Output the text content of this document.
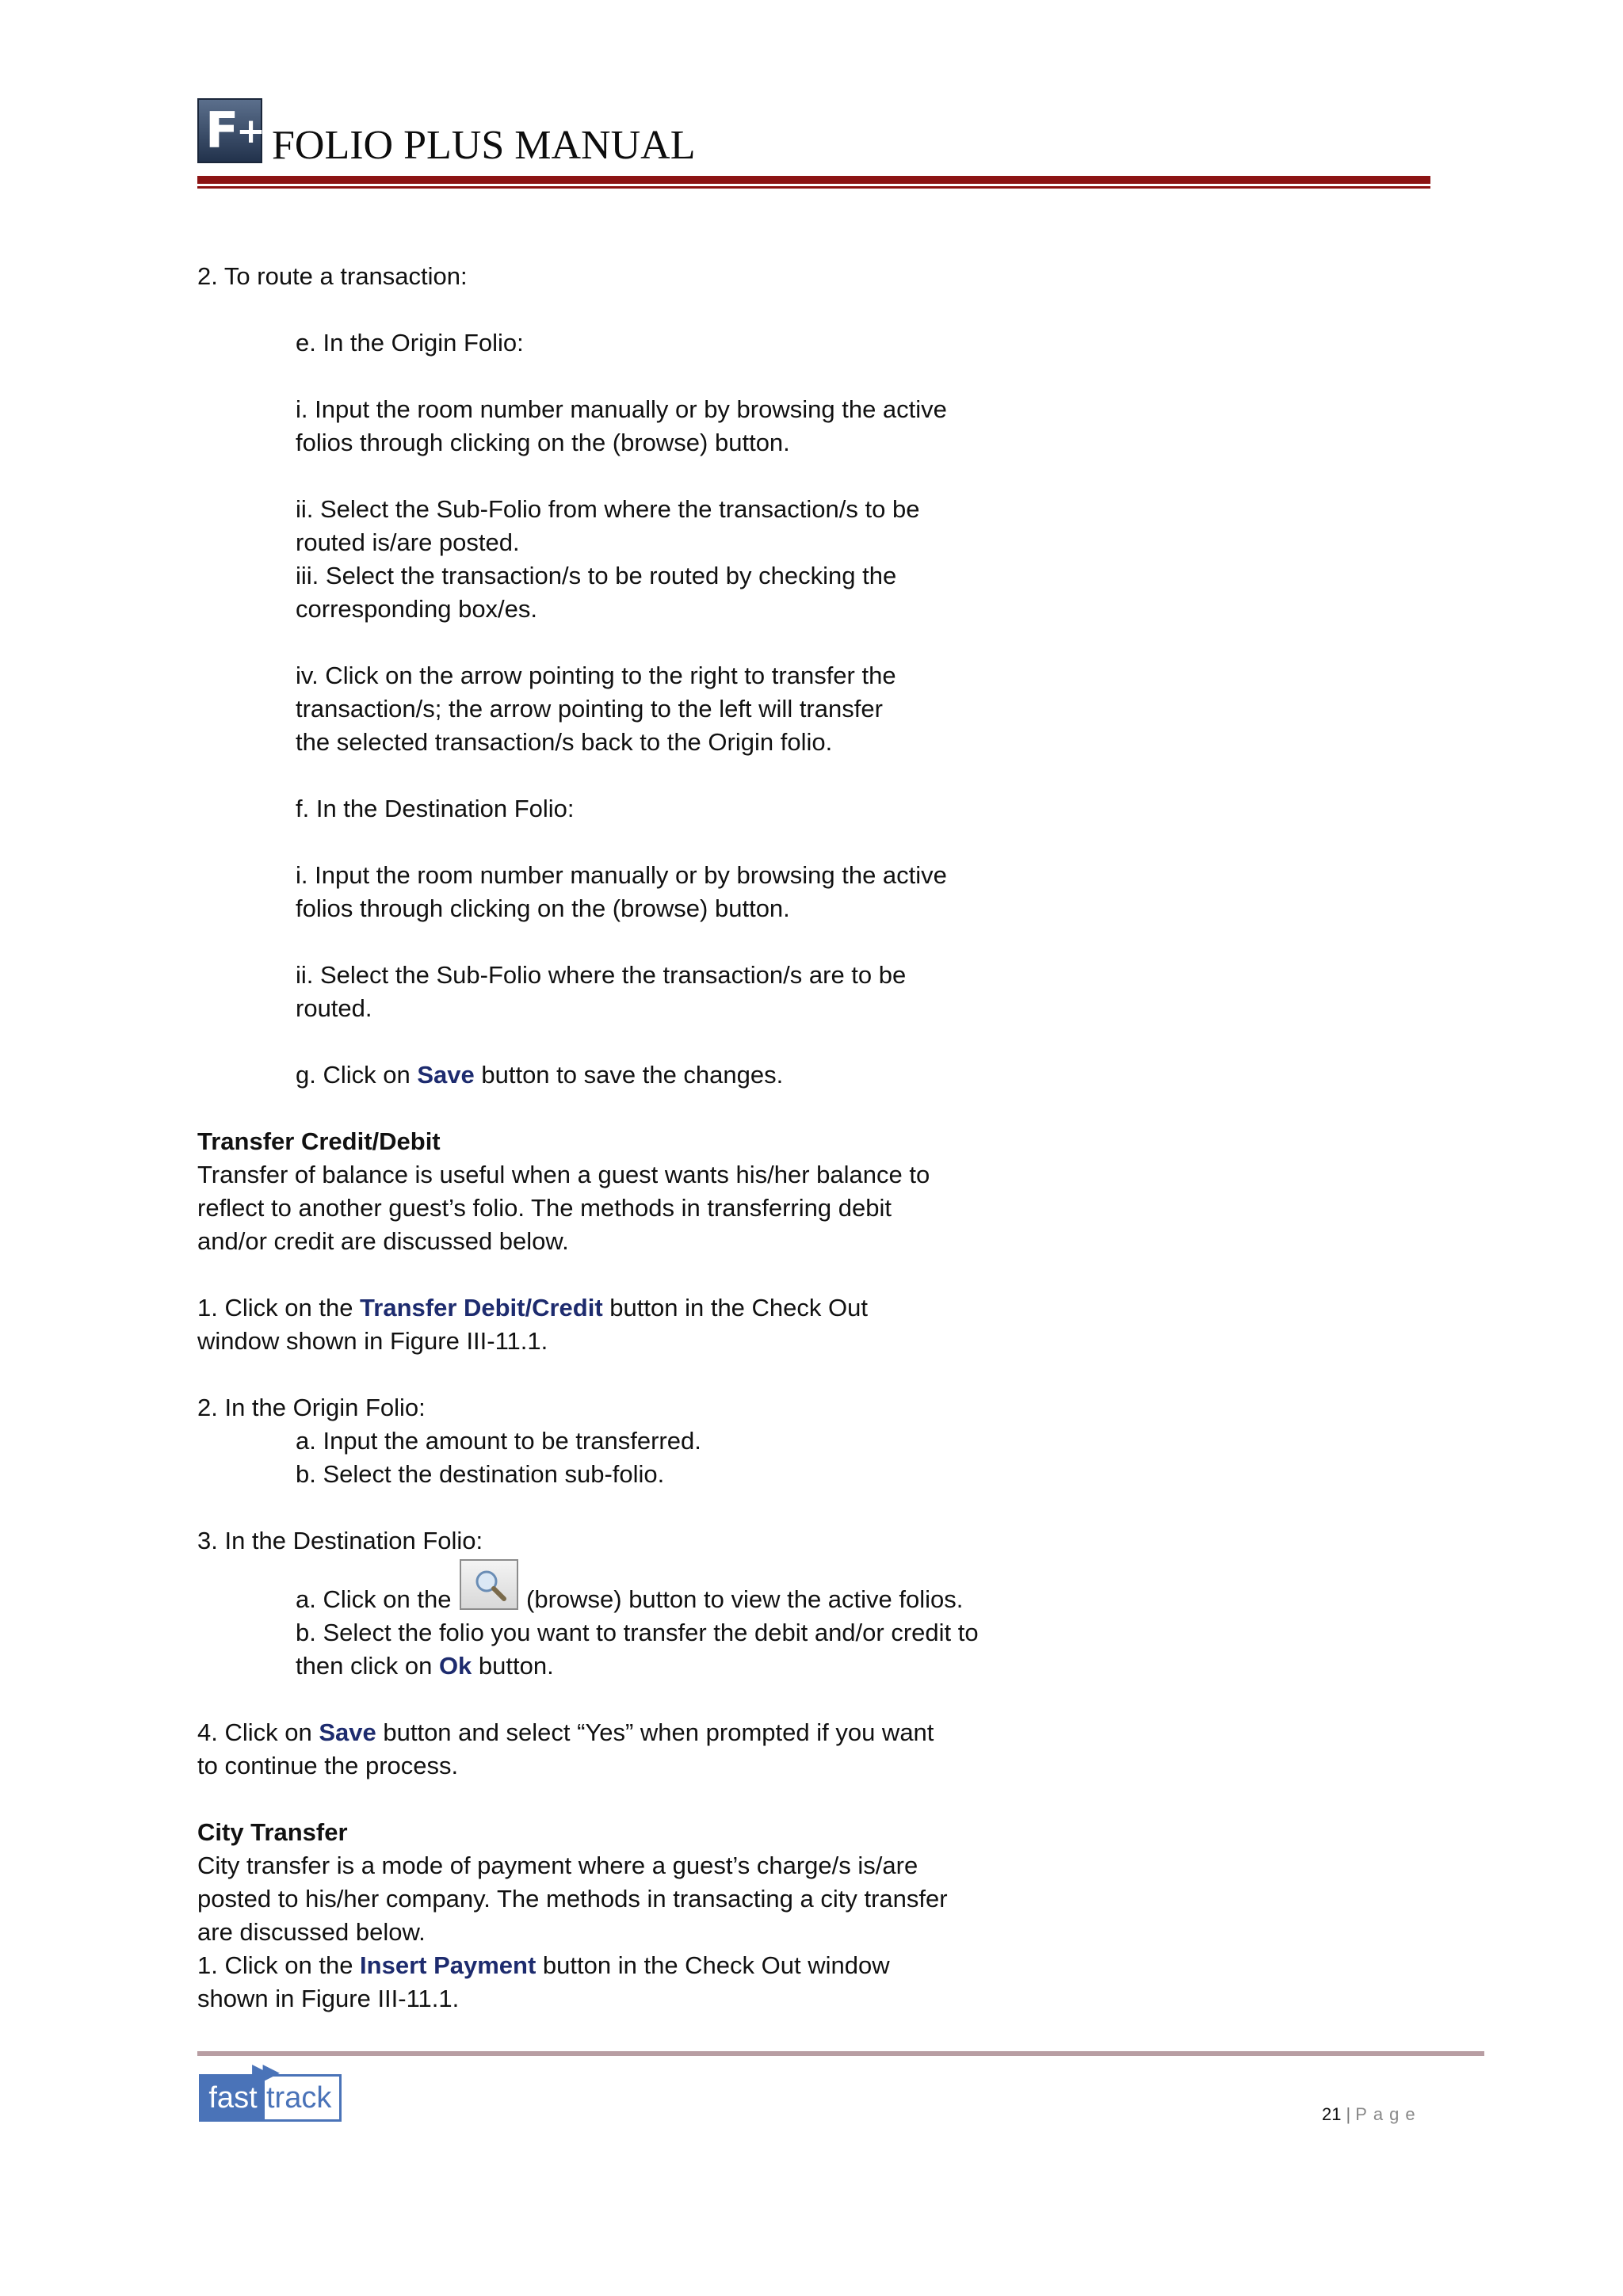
F
+ FOLIO PLUS MANUAL
2. To route a transaction:
e. In the Origin Folio:
i. Input the room number manually or by browsing the active
folios through clicking on the (browse) button.
ii. Select the Sub-Folio from where the transaction/s to be
routed is/are posted.
iii. Select the transaction/s to be routed by checking the
corresponding box/es.
iv. Click on the arrow pointing to the right to transfer the
transaction/s; the arrow pointing to the left will transfer
the selected transaction/s back to the Origin folio.
f. In the Destination Folio:
i. Input the room number manually or by browsing the active
folios through clicking on the (browse) button.
ii. Select the Sub-Folio where the transaction/s are to be
routed.
g. Click on Save button to save the changes.
Transfer Credit/Debit
Transfer of balance is useful when a guest wants his/her balance to
reflect to another guest’s folio. The methods in transferring debit
and/or credit are discussed below.
1. Click on the Transfer Debit/Credit button in the Check Out
window shown in Figure III-11.1.
2. In the Origin Folio:
a. Input the amount to be transferred.
b. Select the destination sub-folio.
3. In the Destination Folio:
a. Click on the	(browse) button to view the active folios.
b. Select the folio you want to transfer the debit and/or credit to
then click on Ok button.
4. Click on Save button and select “Yes” when prompted if you want
to continue the process.
City Transfer
City transfer is a mode of payment where a guest’s charge/s is/are
posted to his/her company. The methods in transacting a city transfer
are discussed below.
1. Click on the Insert Payment button in the Check Out window
shown in Figure III-11.1.
fast track
▶▶
21 | Page
